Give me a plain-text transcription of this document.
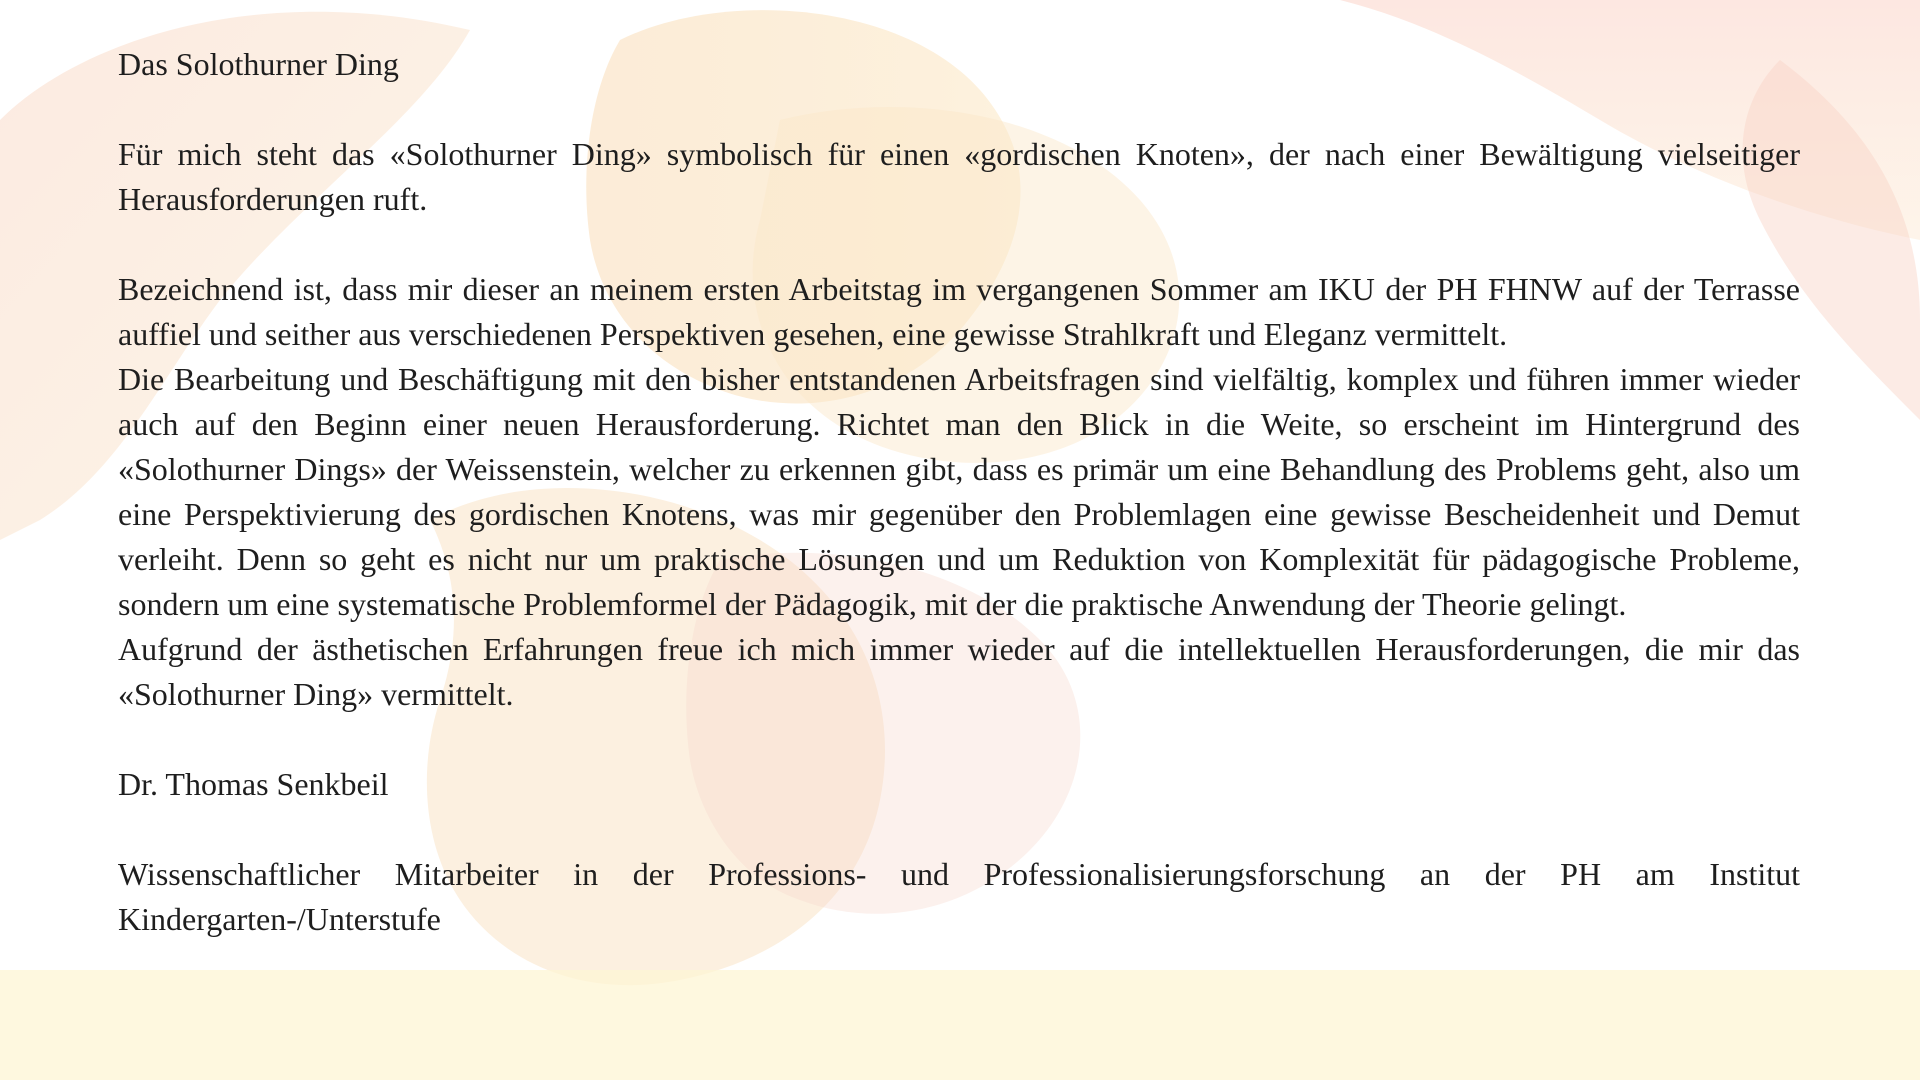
Das Solothurner Ding

Für mich steht das «Solothurner Ding» symbolisch für einen «gordischen Knoten», der nach einer Bewältigung vielseitiger Herausforderungen ruft.

Bezeichnend ist, dass mir dieser an meinem ersten Arbeitstag im vergangenen Sommer am IKU der PH FHNW auf der Terrasse auffiel und seither aus verschiedenen Perspektiven gesehen, eine gewisse Strahlkraft und Eleganz vermittelt.

Die Bearbeitung und Beschäftigung mit den bisher entstandenen Arbeitsfragen sind vielfältig, komplex und führen immer wieder auch auf den Beginn einer neuen Herausforderung. Richtet man den Blick in die Weite, so erscheint im Hintergrund des «Solothurner Dings» der Weissenstein, welcher zu erkennen gibt, dass es primär um eine Behandlung des Problems geht, also um eine Perspektivierung des gordischen Knotens, was mir gegenüber den Problemlagen eine gewisse Bescheidenheit und Demut verleiht. Denn so geht es nicht nur um praktische Lösungen und um Reduktion von Komplexität für pädagogische Probleme, sondern um eine systematische Problemformel der Pädagogik, mit der die praktische Anwendung der Theorie gelingt.

Aufgrund der ästhetischen Erfahrungen freue ich mich immer wieder auf die intellektuellen Herausforderungen, die mir das «Solothurner Ding» vermittelt.

Dr. Thomas Senkbeil

Wissenschaftlicher Mitarbeiter in der Professions- und Professionalisierungsforschung an der PH am Institut Kindergarten-/Unterstufe
